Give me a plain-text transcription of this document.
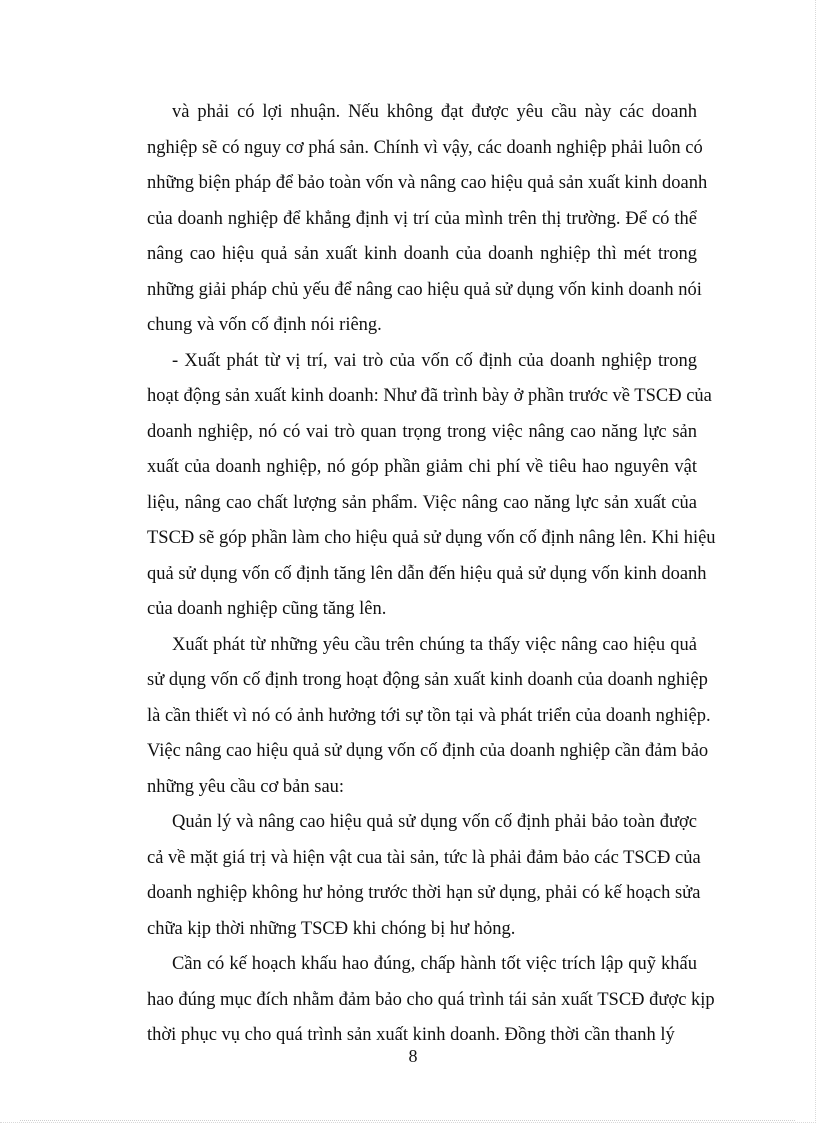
và phải có lợi nhuận. Nếu không đạt được yêu cầu này các doanh
nghiệp sẽ có nguy cơ phá sản. Chính vì vậy, các doanh nghiệp phải luôn có
những biện pháp để bảo toàn vốn và nâng cao hiệu quả sản xuất kinh doanh
của doanh nghiệp để khẳng định vị trí của mình trên thị trường. Để có thể
nâng cao hiệu quả sản xuất kinh doanh của doanh nghiệp thì mét trong
những giải pháp chủ yếu để nâng cao hiệu quả sử dụng vốn kinh doanh nói
chung và vốn cố định nói riêng.
- Xuất phát từ vị trí, vai trò của vốn cố định của doanh nghiệp trong
hoạt động sản xuất kinh doanh: Như đã trình bày ở phần trước về TSCĐ của
doanh nghiệp, nó có vai trò quan trọng trong việc nâng cao năng lực sản
xuất của doanh nghiệp, nó góp phần giảm chi phí về tiêu hao nguyên vật
liệu, nâng cao chất lượng sản phẩm. Việc nâng cao năng lực sản xuất của
TSCĐ sẽ góp phần làm cho hiệu quả sử dụng vốn cố định nâng lên. Khi hiệu
quả sử dụng vốn cố định tăng lên dẫn đến hiệu quả sử dụng vốn kinh doanh
của doanh nghiệp cũng tăng lên.
Xuất phát từ những yêu cầu trên chúng ta thấy việc nâng cao hiệu quả
sử dụng vốn cố định trong hoạt động sản xuất kinh doanh của doanh nghiệp
là cần thiết vì nó có ảnh hưởng tới sự tồn tại và phát triển của doanh nghiệp.
Việc nâng cao hiệu quả sử dụng vốn cố định của doanh nghiệp cần đảm bảo
những yêu cầu cơ bản sau:
Quản lý và nâng cao hiệu quả sử dụng vốn cố định phải bảo toàn được
cả về mặt giá trị và hiện vật cua tài sản, tức là phải đảm bảo các TSCĐ của
doanh nghiệp không hư hỏng trước thời hạn sử dụng, phải có kế hoạch sửa
chữa kịp thời những TSCĐ khi chóng bị hư hỏng.
Cần có kế hoạch khấu hao đúng, chấp hành tốt việc trích lập quỹ khấu
hao đúng mục đích nhằm đảm bảo cho quá trình tái sản xuất TSCĐ được kịp
thời phục vụ cho quá trình sản xuất kinh doanh. Đồng thời cần thanh lý
8
